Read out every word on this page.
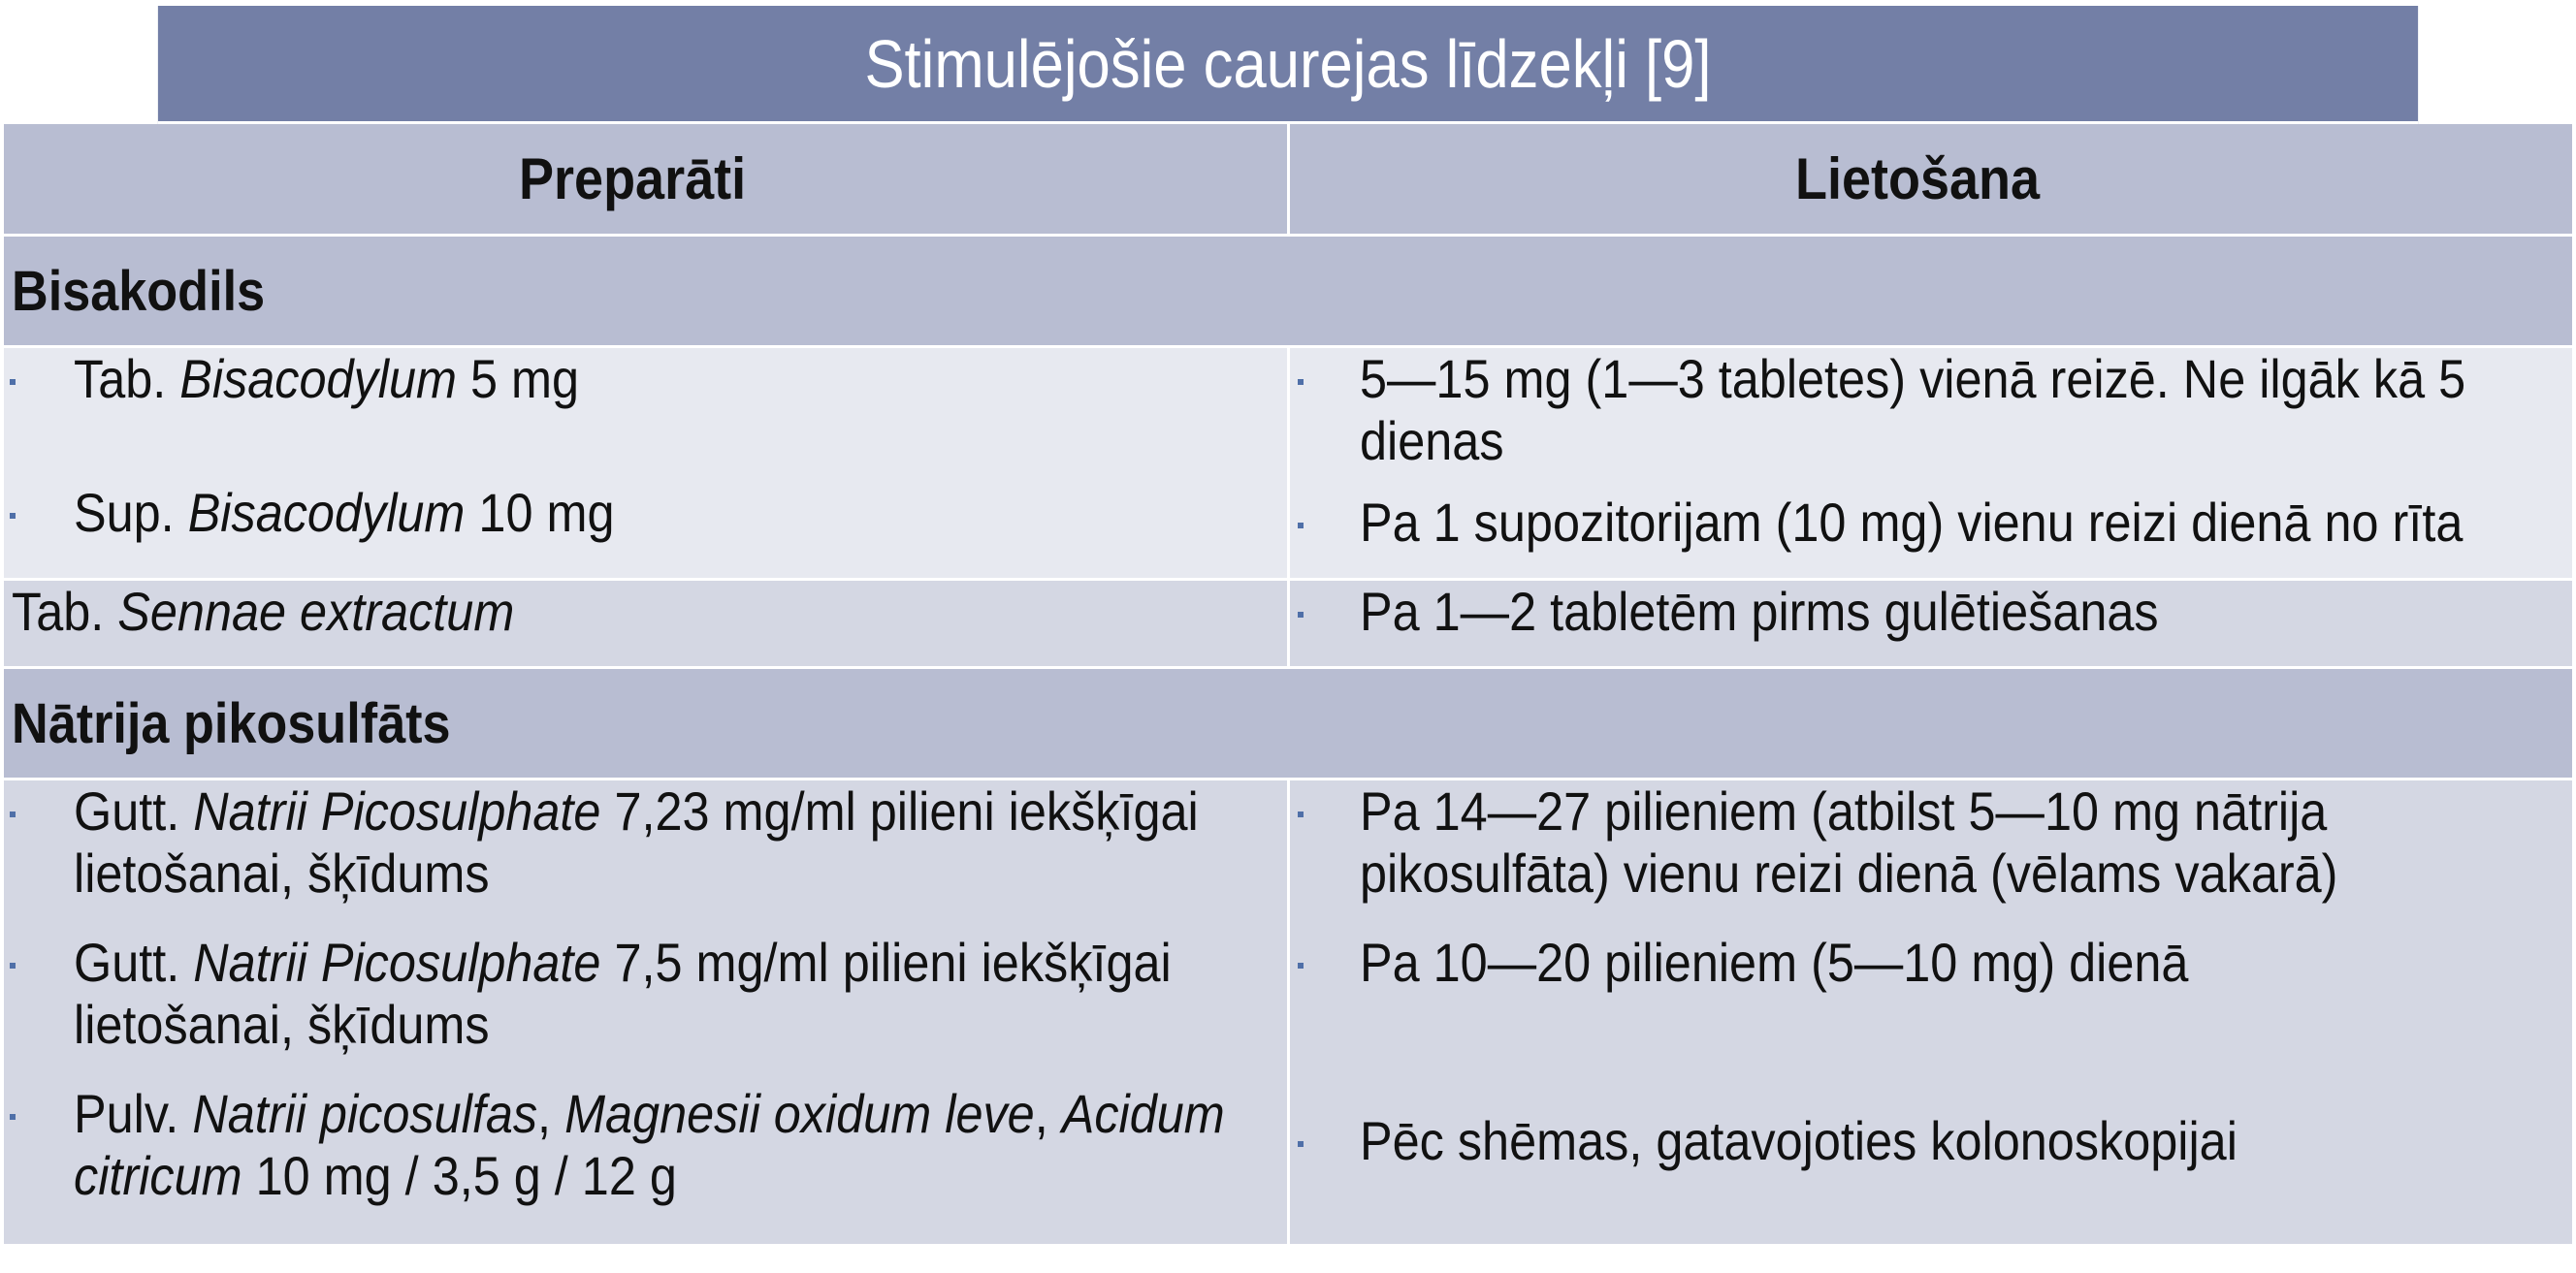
Stimulējošie caurejas līdzekļi [9]
Preparāti	Lietošana
Bisakodils
Tab. Bisacodylum 5 mg
Sup. Bisacodylum 10 mg
5—15 mg (1—3 tabletes) vienā reizē. Ne ilgāk kā 5
dienas
Pa 1 supozitorijam (10 mg) vienu reizi dienā no rīta
Tab. Sennae extractum	Pa 1—2 tabletēm pirms gulētiešanas
Nātrija pikosulfāts
Gutt. Natrii Picosulphate 7,23 mg/ml pilieni iekšķīgai
lietošanai, šķīdums
Gutt. Natrii Picosulphate 7,5 mg/ml pilieni iekšķīgai
lietošanai, šķīdums
Pulv. Natrii picosulfas, Magnesii oxidum leve, Acidum
citricum 10 mg / 3,5 g / 12 g
Pa 14—27 pilieniem (atbilst 5—10 mg nātrija
pikosulfāta) vienu reizi dienā (vēlams vakarā)
Pa 10—20 pilieniem (5—10 mg) dienā
Pēc shēmas, gatavojoties kolonoskopijai
